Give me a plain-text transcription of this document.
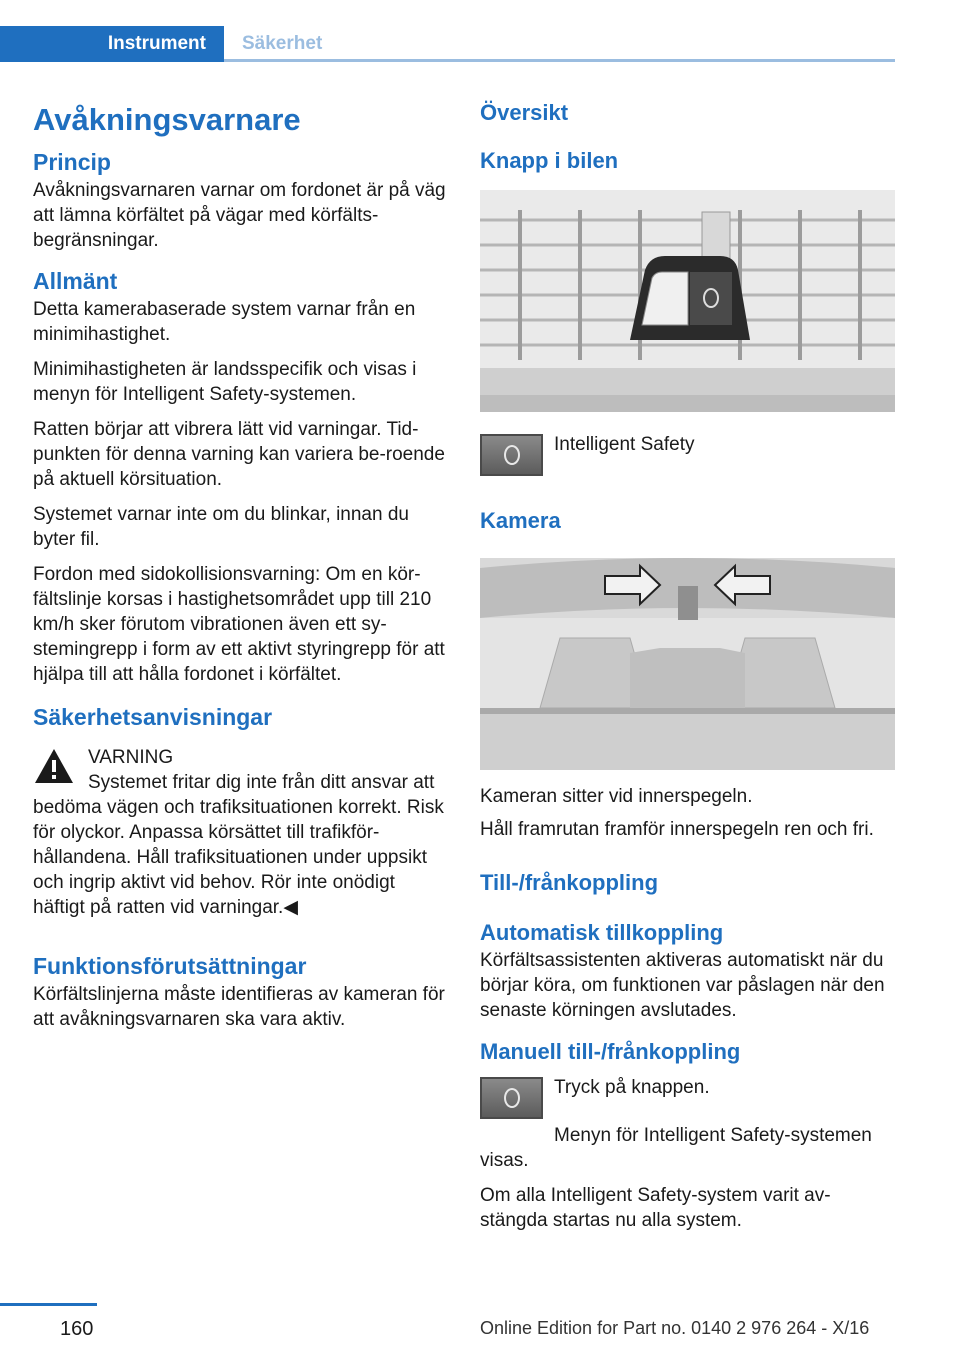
Instrument	Säkerhet
Avåkningsvarnare
Princip

Avåkningsvarnaren varnar om fordonet är på väg att lämna körfältet på vägar med körfälts-begränsningar.

Allmänt

Detta kamerabaserade system varnar från en minimihastighet.

Minimihastigheten är landsspecifik och visas i menyn för Intelligent Safety-systemen.

Ratten börjar att vibrera lätt vid varningar. Tid-punkten för denna varning kan variera be-roende på aktuell körsituation.

Systemet varnar inte om du blinkar, innan du byter fil.

Fordon med sidokollisionsvarning: Om en kör-fältslinje korsas i hastighetsområdet upp till 210 km/h sker förutom vibrationen även ett sy-stemingrepp i form av ett aktivt styringrepp för att hjälpa till att hålla fordonet i körfältet.

Säkerhetsanvisningar
VARNING
Systemet fritar dig inte från ditt ansvar att bedöma vägen och trafiksituationen korrekt. Risk för olyckor. Anpassa körsättet till trafikför-hållandena. Håll trafiksituationen under uppsikt och ingrip aktivt vid behov. Rör inte onödigt häftigt på ratten vid varningar.◀
Funktionsförutsättningar

Körfältslinjerna måste identifieras av kameran för att avåkningsvarnaren ska vara aktiv.

Översikt
Knapp i bilen
Intelligent Safety
Kamera

Kameran sitter vid innerspegeln.

Håll framrutan framför innerspegeln ren och fri.

Till-/frånkoppling
Automatisk tillkoppling

Körfältsassistenten aktiveras automatiskt när du börjar köra, om funktionen var påslagen när den senaste körningen avslutades.

Manuell till-/frånkoppling

Tryck på knappen.

Menyn för Intelligent Safety-systemen visas.

Om alla Intelligent Safety-system varit av-stängda startas nu alla system.

160	Online Edition for Part no. 0140 2 976 264 - X/16
